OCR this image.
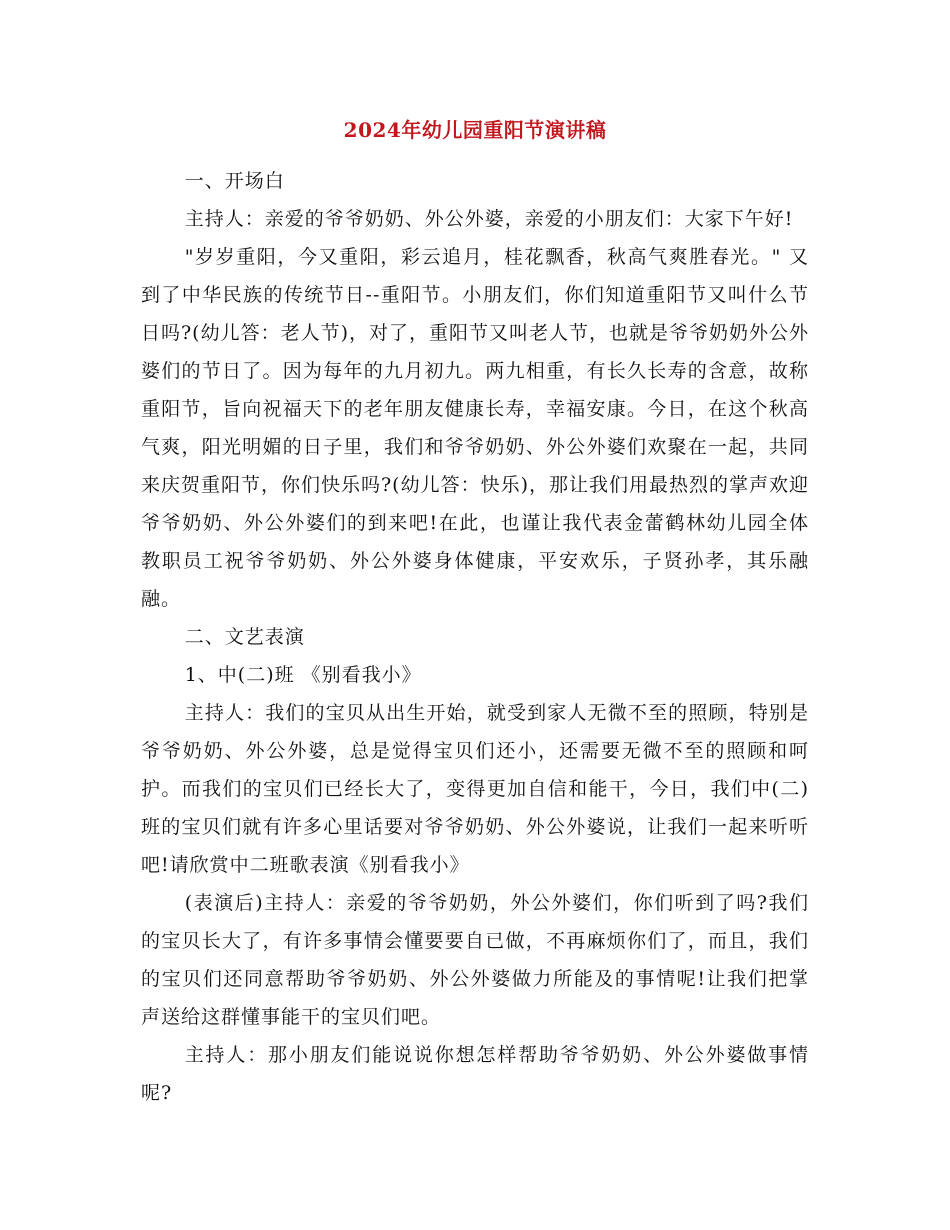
2024年幼儿园重阳节演讲稿

一、开场白

主持人：亲爱的爷爷奶奶、外公外婆，亲爱的小朋友们：大家下午好!

"岁岁重阳，今又重阳，彩云追月，桂花飘香，秋高气爽胜春光。" 又到了中华民族的传统节日--重阳节。小朋友们，你们知道重阳节又叫什么节日吗?(幼儿答：老人节)，对了，重阳节又叫老人节，也就是爷爷奶奶外公外婆们的节日了。因为每年的九月初九。两九相重，有长久长寿的含意，故称重阳节，旨向祝福天下的老年朋友健康长寿，幸福安康。今日，在这个秋高气爽，阳光明媚的日子里，我们和爷爷奶奶、外公外婆们欢聚在一起，共同来庆贺重阳节，你们快乐吗?(幼儿答：快乐)，那让我们用最热烈的掌声欢迎爷爷奶奶、外公外婆们的到来吧!在此，也谨让我代表金蕾鹤林幼儿园全体教职员工祝爷爷奶奶、外公外婆身体健康，平安欢乐，子贤孙孝，其乐融融。

二、文艺表演

1、中(二)班 《别看我小》

主持人：我们的宝贝从出生开始，就受到家人无微不至的照顾，特别是爷爷奶奶、外公外婆，总是觉得宝贝们还小，还需要无微不至的照顾和呵护。而我们的宝贝们已经长大了，变得更加自信和能干，今日，我们中(二)班的宝贝们就有许多心里话要对爷爷奶奶、外公外婆说，让我们一起来听听吧!请欣赏中二班歌表演《别看我小》

(表演后)主持人：亲爱的爷爷奶奶，外公外婆们，你们听到了吗?我们的宝贝长大了，有许多事情会懂要要自已做，不再麻烦你们了，而且，我们的宝贝们还同意帮助爷爷奶奶、外公外婆做力所能及的事情呢!让我们把掌声送给这群懂事能干的宝贝们吧。

主持人：那小朋友们能说说你想怎样帮助爷爷奶奶、外公外婆做事情呢?
